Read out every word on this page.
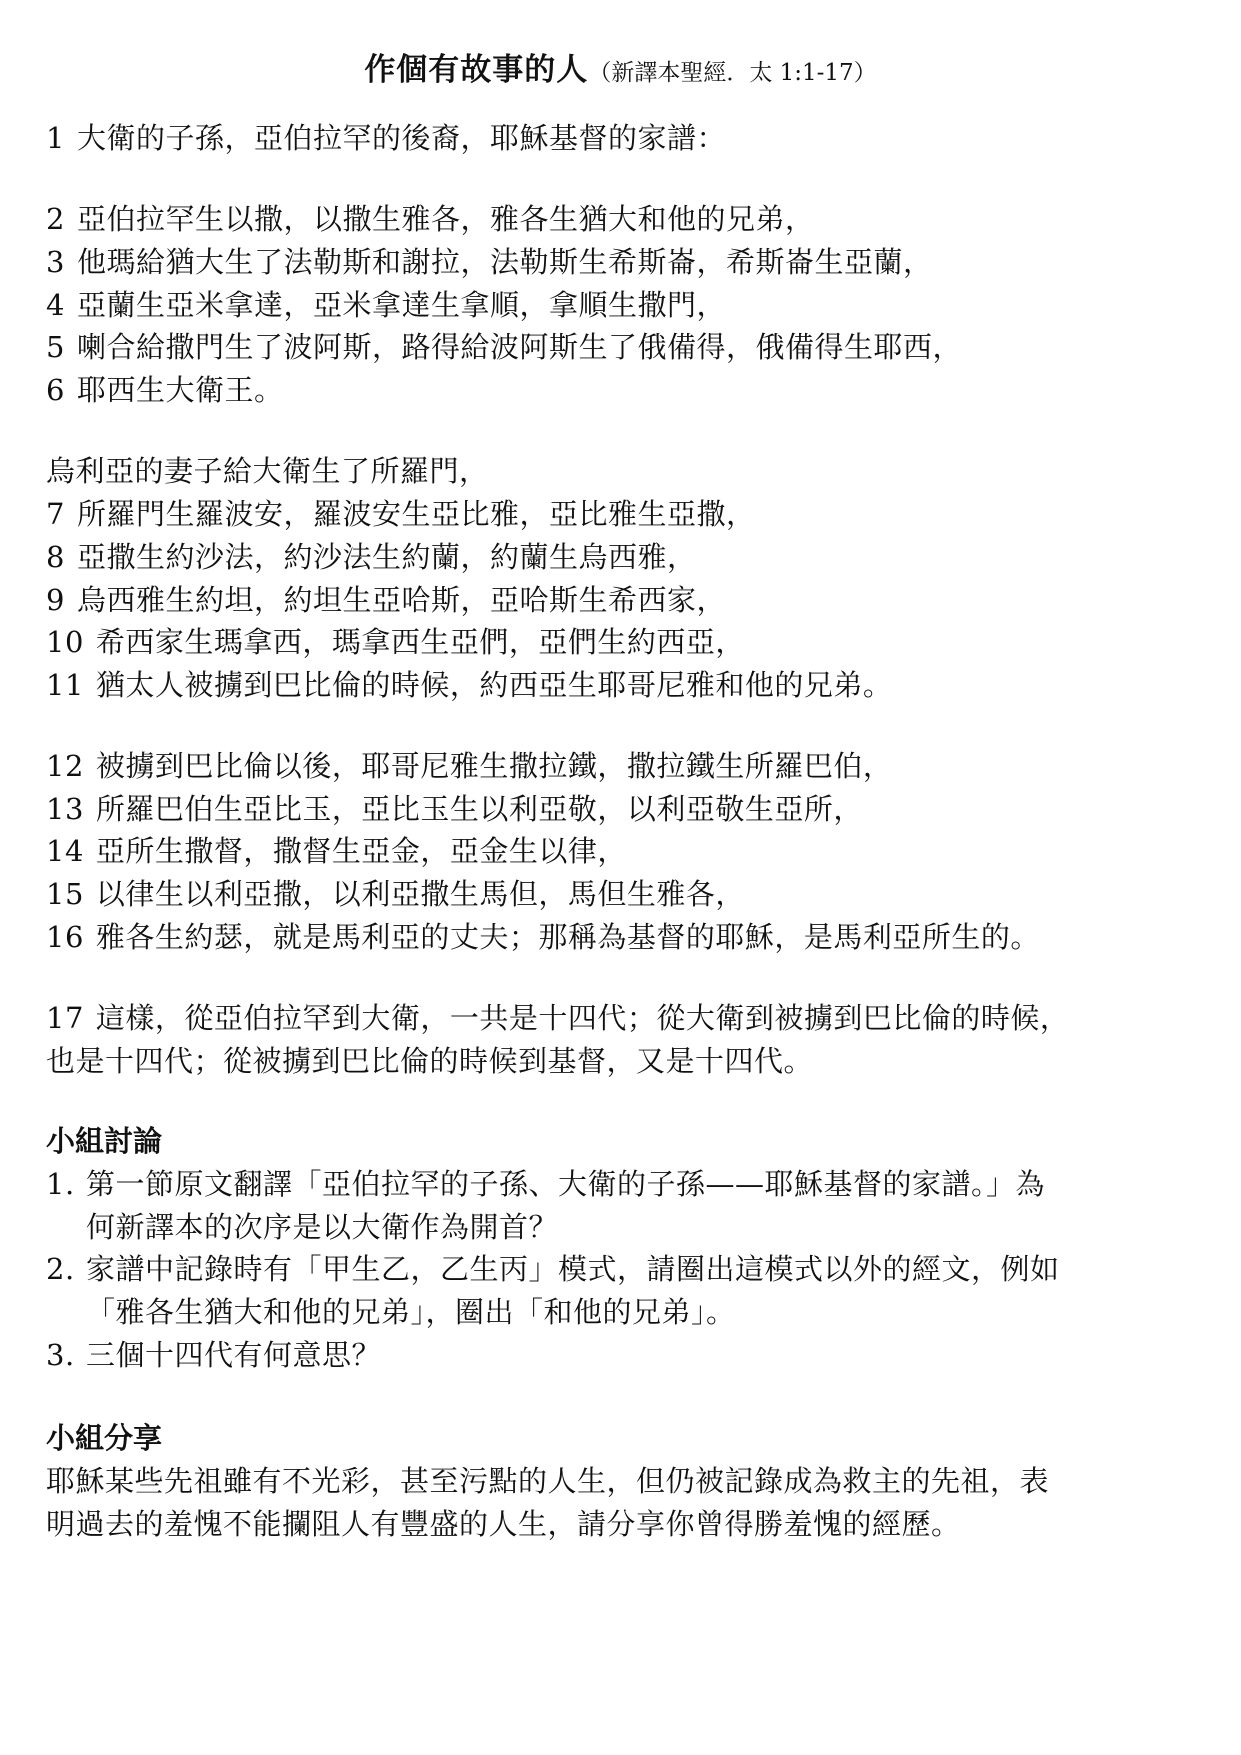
作個有故事的人（新譯本聖經．太 1:1-17）
1 大衛的子孫，亞伯拉罕的後裔，耶穌基督的家譜：
2 亞伯拉罕生以撒，以撒生雅各，雅各生猶大和他的兄弟，
3 他瑪給猶大生了法勒斯和謝拉，法勒斯生希斯崙，希斯崙生亞蘭，
4 亞蘭生亞米拿達，亞米拿達生拿順，拿順生撒門，
5 喇合給撒門生了波阿斯，路得給波阿斯生了俄備得，俄備得生耶西，
6 耶西生大衛王。
烏利亞的妻子給大衛生了所羅門，
7 所羅門生羅波安，羅波安生亞比雅，亞比雅生亞撒，
8 亞撒生約沙法，約沙法生約蘭，約蘭生烏西雅，
9 烏西雅生約坦，約坦生亞哈斯，亞哈斯生希西家，
10 希西家生瑪拿西，瑪拿西生亞們，亞們生約西亞，
11 猶太人被擄到巴比倫的時候，約西亞生耶哥尼雅和他的兄弟。
12 被擄到巴比倫以後，耶哥尼雅生撒拉鐵，撒拉鐵生所羅巴伯，
13 所羅巴伯生亞比玉，亞比玉生以利亞敬，以利亞敬生亞所，
14 亞所生撒督，撒督生亞金，亞金生以律，
15 以律生以利亞撒，以利亞撒生馬但，馬但生雅各，
16 雅各生約瑟，就是馬利亞的丈夫；那稱為基督的耶穌，是馬利亞所生的。
17 這樣，從亞伯拉罕到大衛，一共是十四代；從大衛到被擄到巴比倫的時候，
也是十四代；從被擄到巴比倫的時候到基督，又是十四代。
小組討論
1. 第一節原文翻譯「亞伯拉罕的子孫、大衛的子孫——耶穌基督的家譜。」為
何新譯本的次序是以大衛作為開首？
2. 家譜中記錄時有「甲生乙，乙生丙」模式，請圈出這模式以外的經文，例如
「雅各生猶大和他的兄弟」，圈出「和他的兄弟」。
3. 三個十四代有何意思？
小組分享
耶穌某些先祖雖有不光彩，甚至污點的人生，但仍被記錄成為救主的先祖，表
明過去的羞愧不能攔阻人有豐盛的人生，請分享你曾得勝羞愧的經歷。
